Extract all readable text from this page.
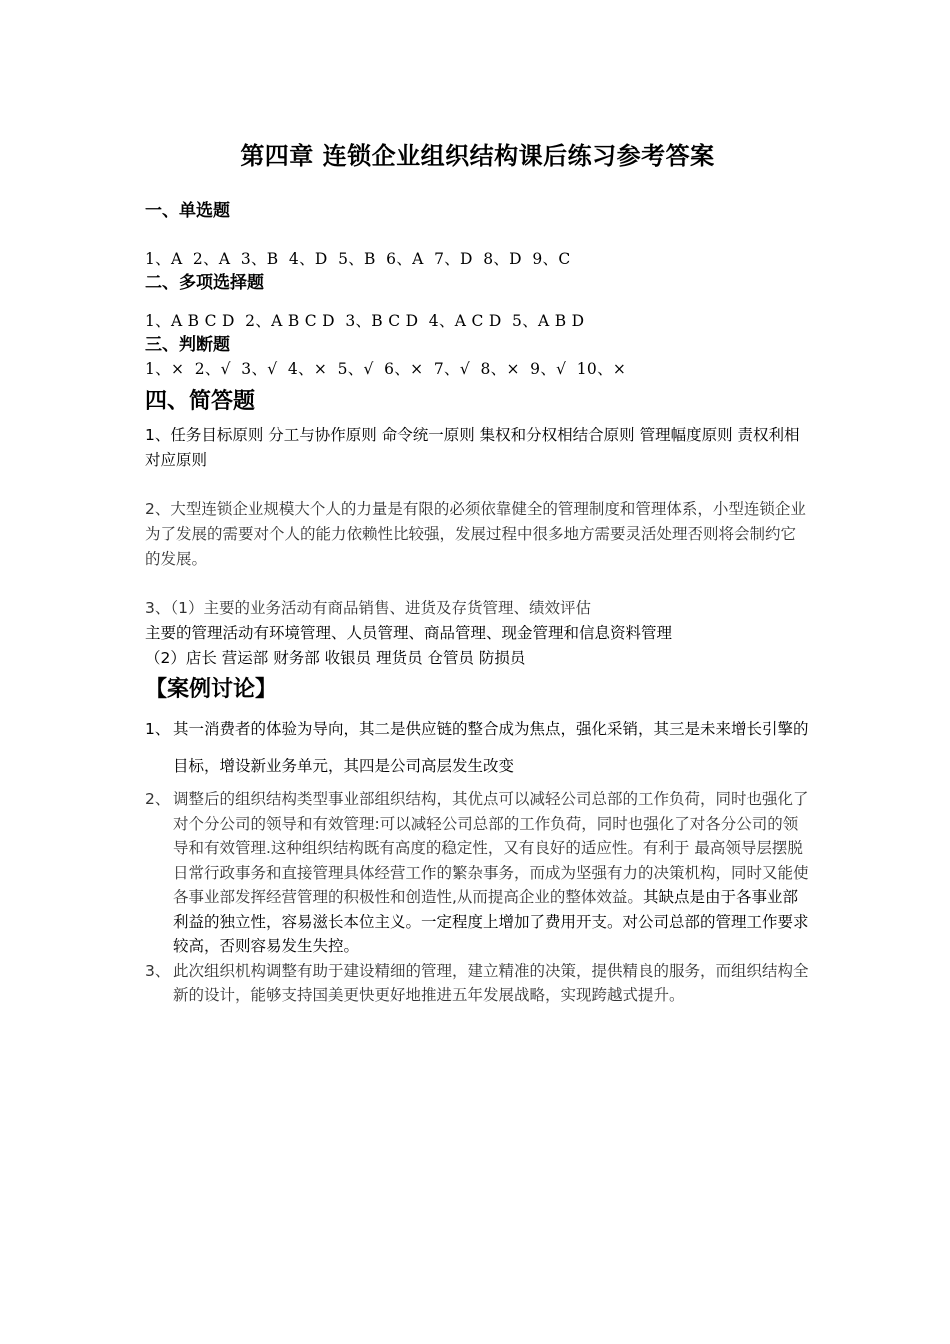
第四章 连锁企业组织结构课后练习参考答案
一、单选题

1、A  2、A  3、B  4、D  5、B  6、A  7、D  8、D  9、C

二、多项选择题

1、A B C D  2、A B C D  3、B C D  4、A C D  5、A B D

三、判断题

1、×  2、√  3、√  4、×  5、√  6、×  7、√  8、×  9、√  10、×

四、简答题

1、任务目标原则 分工与协作原则 命令统一原则 集权和分权相结合原则 管理幅度原则 责权利相对应原则

2、大型连锁企业规模大个人的力量是有限的必须依靠健全的管理制度和管理体系，小型连锁企业为了发展的需要对个人的能力依赖性比较强，发展过程中很多地方需要灵活处理否则将会制约它的发展。

3、（1）主要的业务活动有商品销售、进货及存货管理、绩效评估

主要的管理活动有环境管理、人员管理、商品管理、现金管理和信息资料管理

（2）店长 营运部 财务部 收银员 理货员 仓管员 防损员

【案例讨论】
1、 其一消费者的体验为导向，其二是供应链的整合成为焦点，强化采销，其三是未来增长引擎的目标，增设新业务单元，其四是公司高层发生改变
2、 调整后的组织结构类型事业部组织结构，其优点可以减轻公司总部的工作负荷，同时也强化了对个分公司的领导和有效管理:可以减轻公司总部的工作负荷，同时也强化了对各分公司的领导和有效管理.这种组织结构既有高度的稳定性，又有良好的适应性。有利于 最高领导层摆脱日常行政事务和直接管理具体经营工作的繁杂事务，而成为坚强有力的决策机构，同时又能使各事业部发挥经营管理的积极性和创造性,从而提高企业的整体效益。其缺点是由于各事业部利益的独立性，容易滋长本位主义。一定程度上增加了费用开支。对公司总部的管理工作要求较高，否则容易发生失控。
3、 此次组织机构调整有助于建设精细的管理，建立精准的决策，提供精良的服务，而组织结构全新的设计，能够支持国美更快更好地推进五年发展战略，实现跨越式提升。
